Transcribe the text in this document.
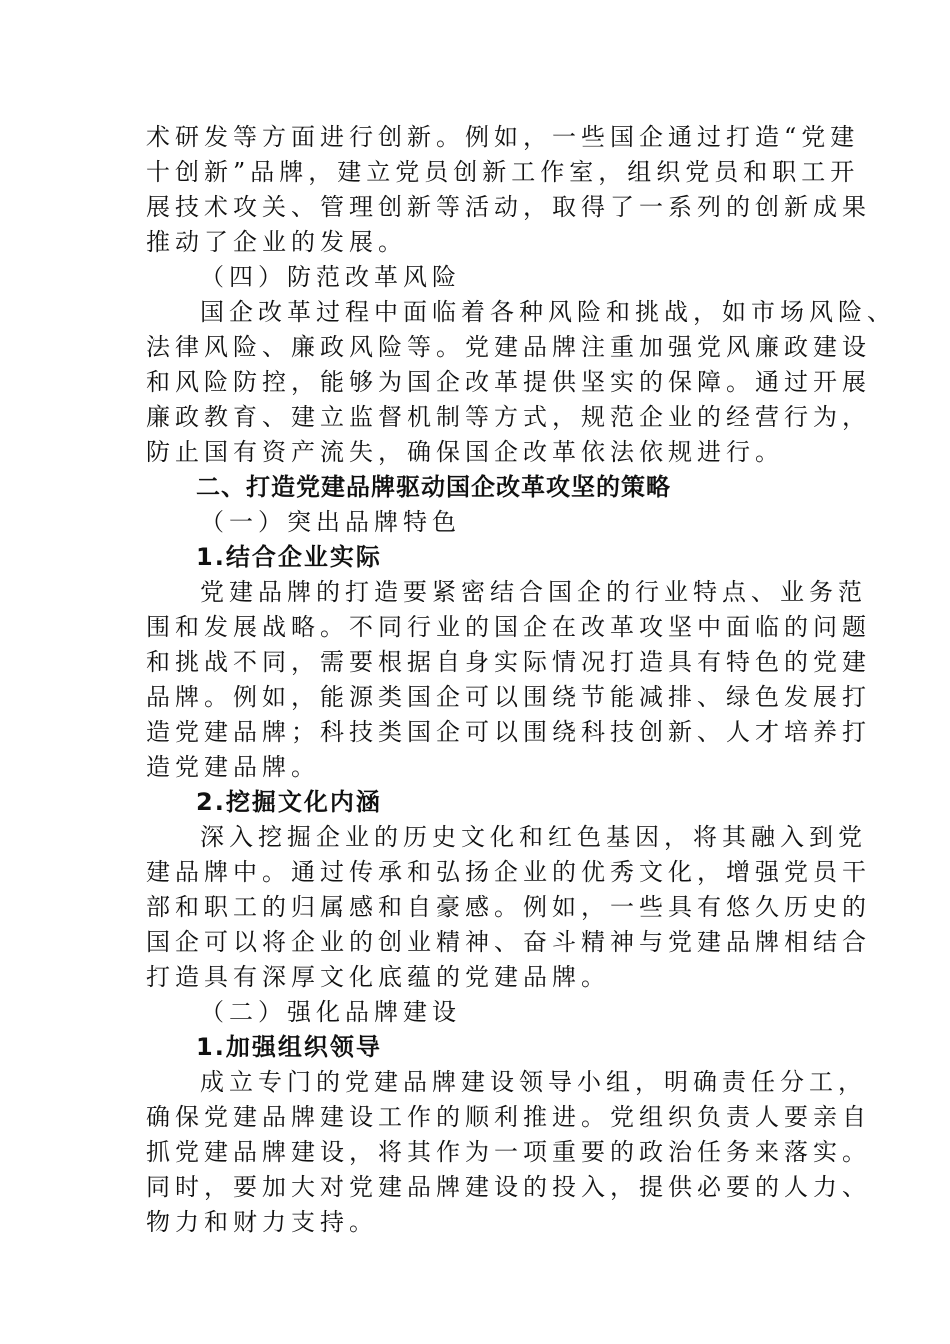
术研发等方面进行创新。例如，一些国企通过打造“党建
十创新”品牌，建立党员创新工作室，组织党员和职工开
展技术攻关、管理创新等活动，取得了一系列的创新成果
推动了企业的发展。
（四）防范改革风险
国企改革过程中面临着各种风险和挑战，如市场风险、
法律风险、廉政风险等。党建品牌注重加强党风廉政建设
和风险防控，能够为国企改革提供坚实的保障。通过开展
廉政教育、建立监督机制等方式，规范企业的经营行为，
防止国有资产流失，确保国企改革依法依规进行。
二、打造党建品牌驱动国企改革攻坚的策略
（一）突出品牌特色
1.结合企业实际
党建品牌的打造要紧密结合国企的行业特点、业务范
围和发展战略。不同行业的国企在改革攻坚中面临的问题
和挑战不同，需要根据自身实际情况打造具有特色的党建
品牌。例如，能源类国企可以围绕节能减排、绿色发展打
造党建品牌；科技类国企可以围绕科技创新、人才培养打
造党建品牌。
2.挖掘文化内涵
深入挖掘企业的历史文化和红色基因，将其融入到党
建品牌中。通过传承和弘扬企业的优秀文化，增强党员干
部和职工的归属感和自豪感。例如，一些具有悠久历史的
国企可以将企业的创业精神、奋斗精神与党建品牌相结合
打造具有深厚文化底蕴的党建品牌。
（二）强化品牌建设
1.加强组织领导
成立专门的党建品牌建设领导小组，明确责任分工，
确保党建品牌建设工作的顺利推进。党组织负责人要亲自
抓党建品牌建设，将其作为一项重要的政治任务来落实。
同时，要加大对党建品牌建设的投入，提供必要的人力、
物力和财力支持。
